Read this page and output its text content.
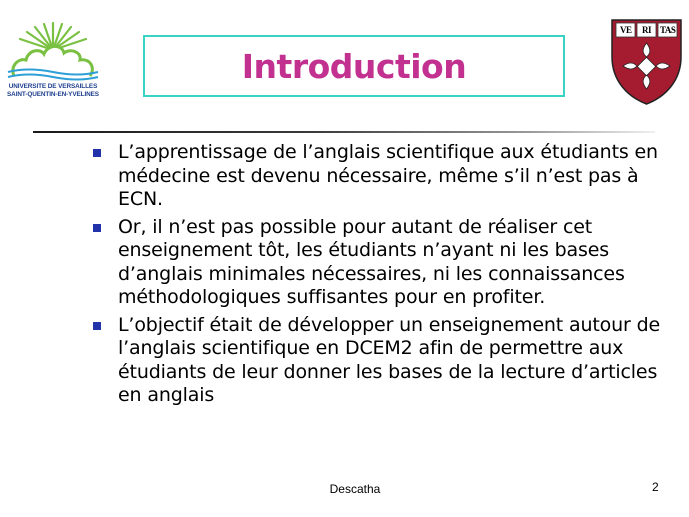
UNIVERSITE DE VERSAILLES
SAINT-QUENTIN-EN-YVELINES
VE RI TAS
Introduction
L’apprentissage de l’anglais scientifique aux étudiants en médecine est devenu nécessaire, même s’il n’est pas à ECN.
Or, il n’est pas possible pour autant de réaliser cet enseignement tôt, les étudiants n’ayant ni les bases d’anglais minimales nécessaires, ni les connaissances méthodologiques suffisantes pour en profiter.
L’objectif était de développer un enseignement autour de l’anglais scientifique en DCEM2 afin de permettre aux étudiants de leur donner les bases de la lecture d’articles en anglais
Descatha	2
